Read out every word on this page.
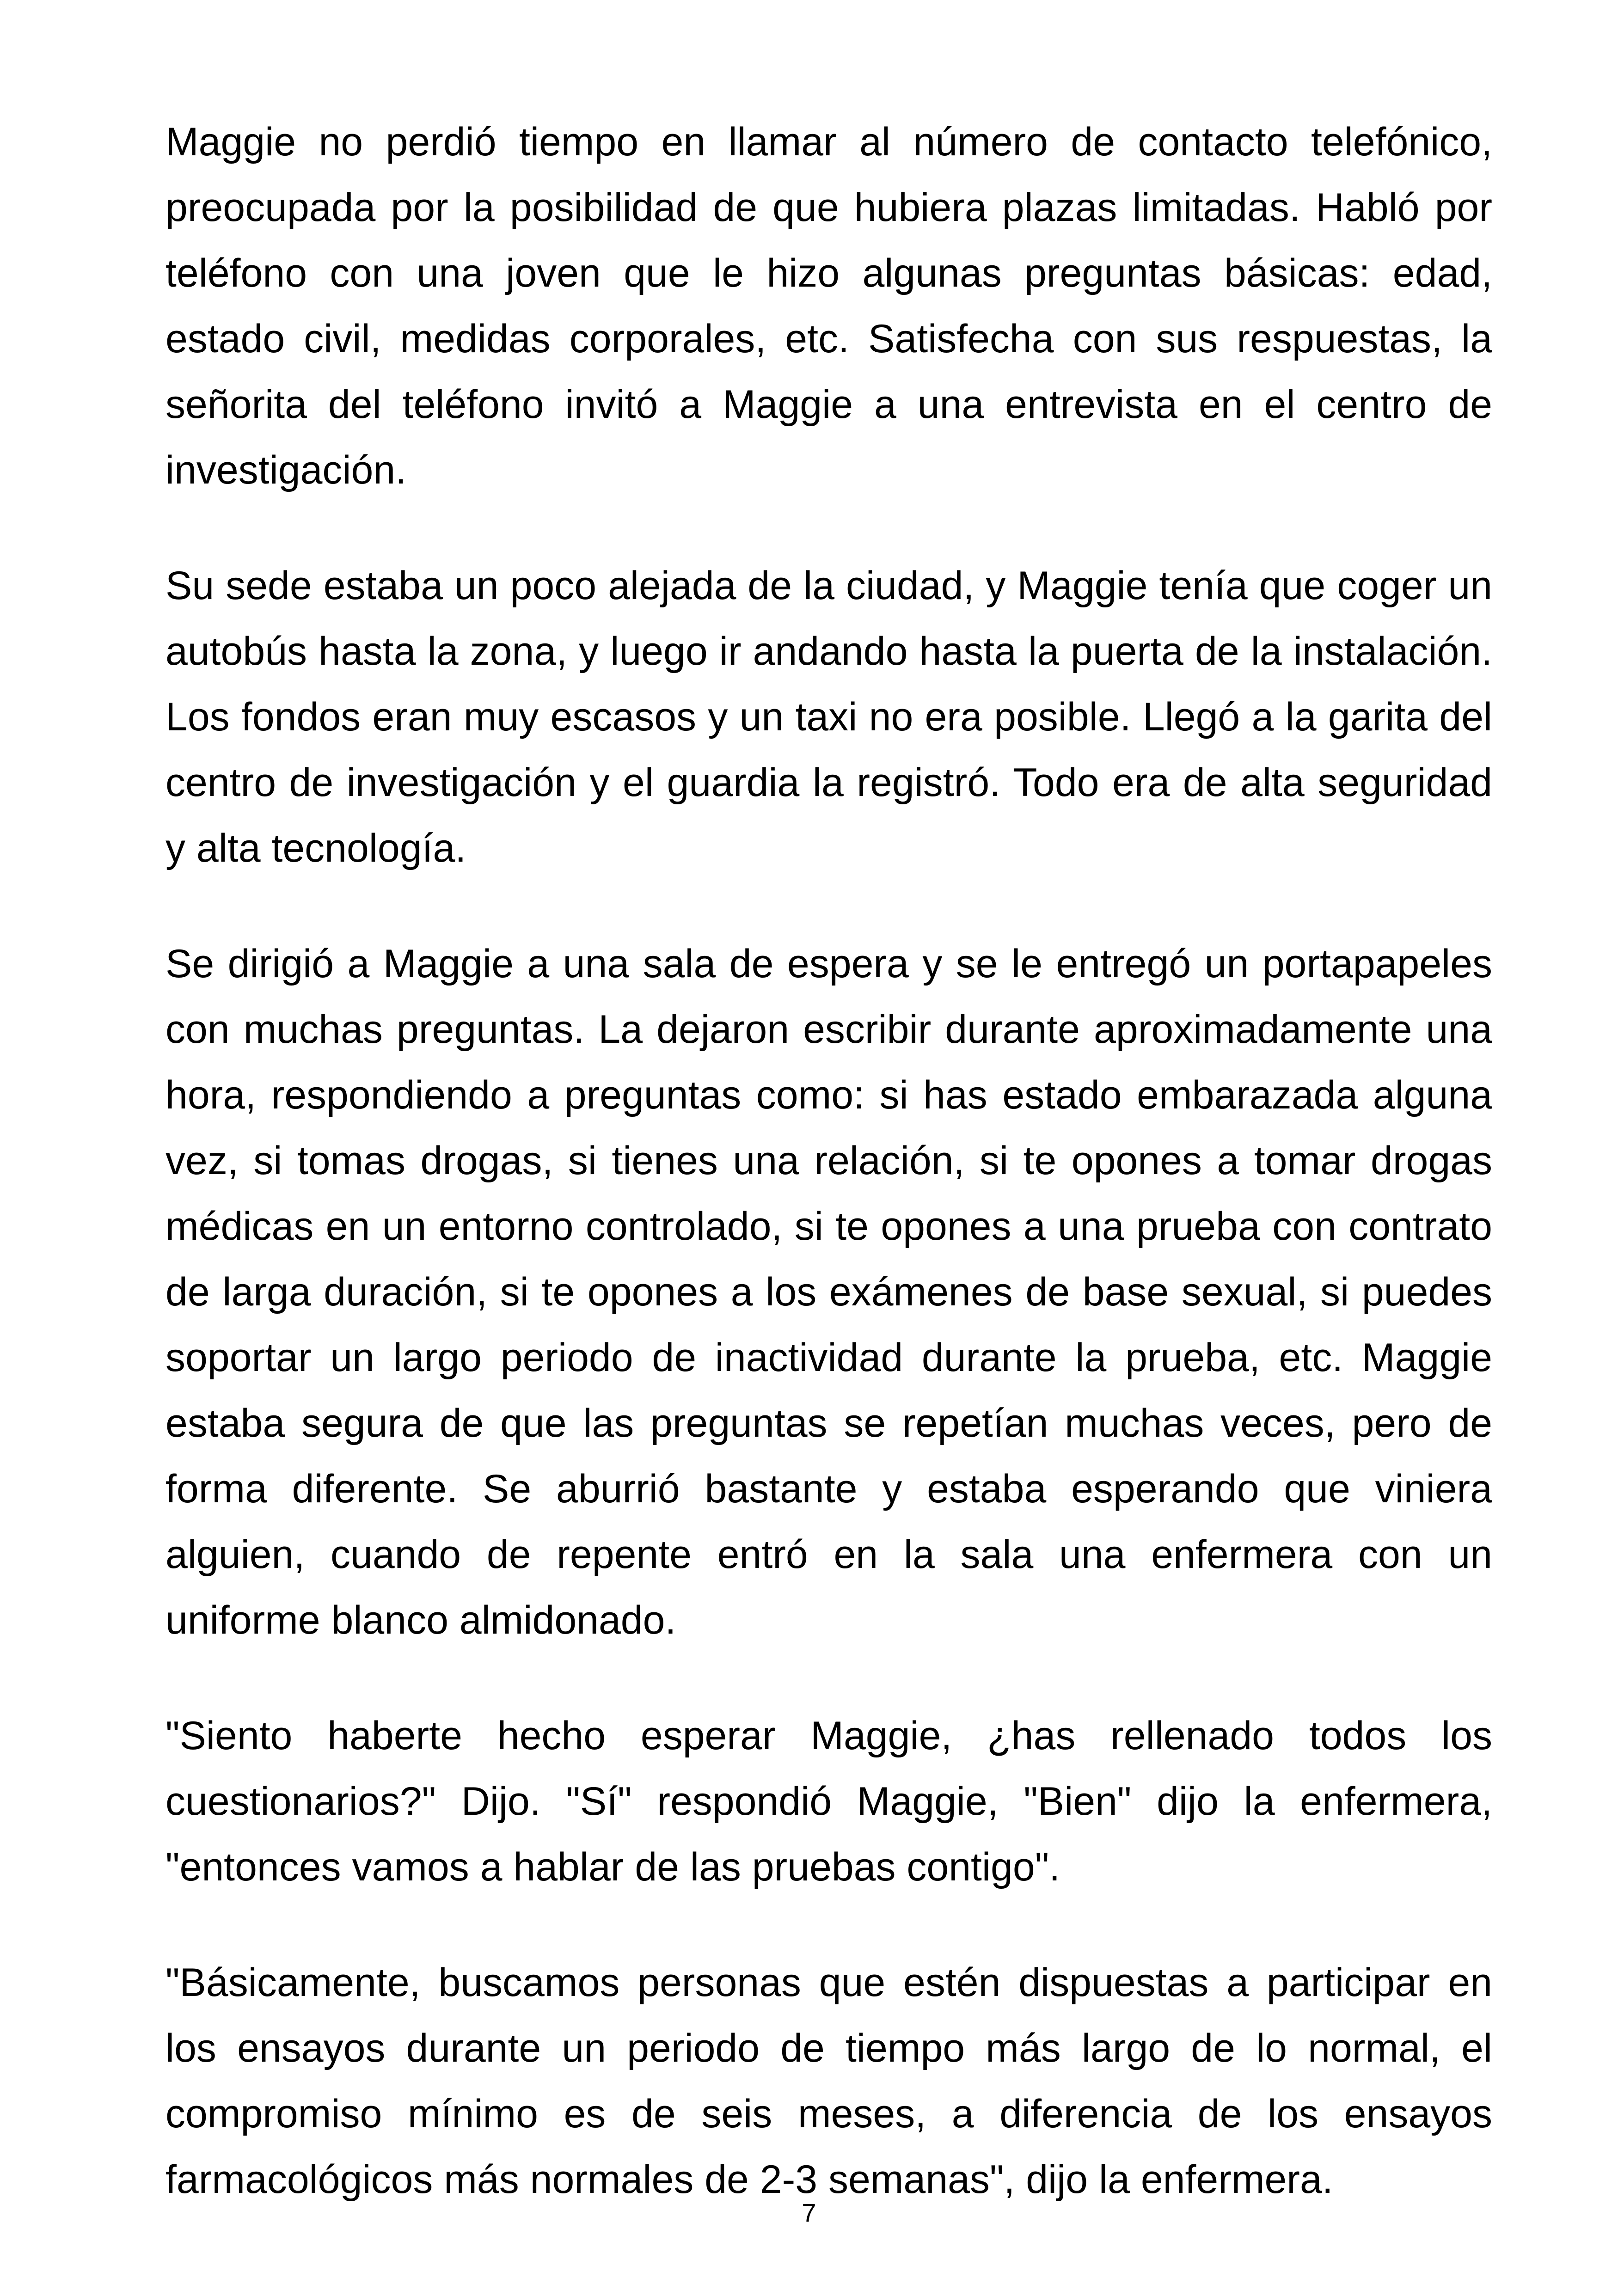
Maggie no perdió tiempo en llamar al número de contacto telefónico, preocupada por la posibilidad de que hubiera plazas limitadas. Habló por teléfono con una joven que le hizo algunas preguntas básicas: edad, estado civil, medidas corporales, etc. Satisfecha con sus respuestas, la señorita del teléfono invitó a Maggie a una entrevista en el centro de investigación.

Su sede estaba un poco alejada de la ciudad, y Maggie tenía que coger un autobús hasta la zona, y luego ir andando hasta la puerta de la instalación. Los fondos eran muy escasos y un taxi no era posible. Llegó a la garita del centro de investigación y el guardia la registró. Todo era de alta seguridad y alta tecnología.

Se dirigió a Maggie a una sala de espera y se le entregó un portapapeles con muchas preguntas. La dejaron escribir durante aproximadamente una hora, respondiendo a preguntas como: si has estado embarazada alguna vez, si tomas drogas, si tienes una relación, si te opones a tomar drogas médicas en un entorno controlado, si te opones a una prueba con contrato de larga duración, si te opones a los exámenes de base sexual, si puedes soportar un largo periodo de inactividad durante la prueba, etc. Maggie estaba segura de que las preguntas se repetían muchas veces, pero de forma diferente. Se aburrió bastante y estaba esperando que viniera alguien, cuando de repente entró en la sala una enfermera con un uniforme blanco almidonado.

"Siento haberte hecho esperar Maggie, ¿has rellenado todos los cuestionarios?" Dijo. "Sí" respondió Maggie, "Bien" dijo la enfermera, "entonces vamos a hablar de las pruebas contigo".

"Básicamente, buscamos personas que estén dispuestas a participar en los ensayos durante un periodo de tiempo más largo de lo normal, el compromiso mínimo es de seis meses, a diferencia de los ensayos farmacológicos más normales de 2-3 semanas", dijo la enfermera.

7
